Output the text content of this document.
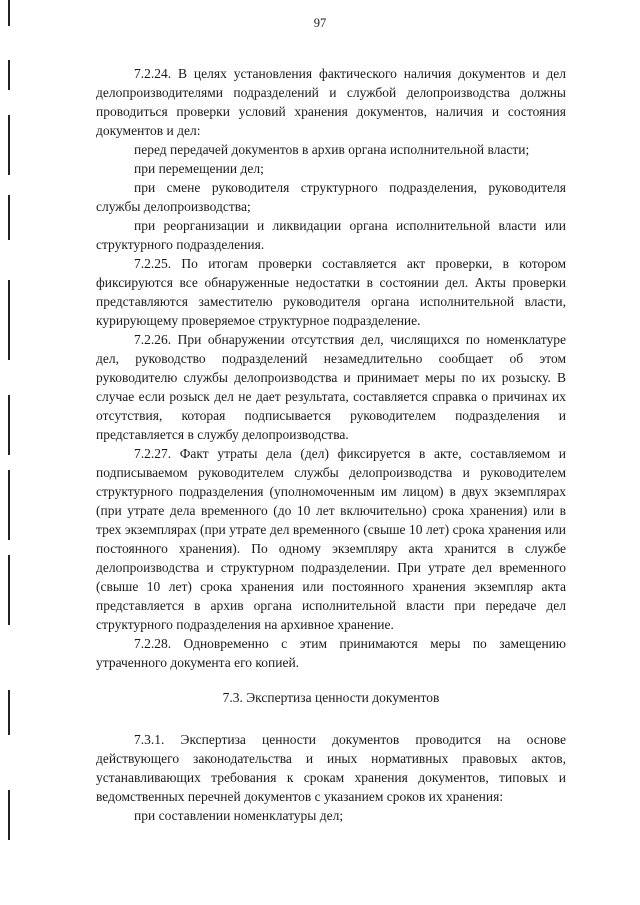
97

7.2.24. В целях установления фактического наличия документов и дел делопроизводителями подразделений и службой делопроизводства должны проводиться проверки условий хранения документов, наличия и состояния документов и дел:

перед передачей документов в архив органа исполнительной власти;

при перемещении дел;

при смене руководителя структурного подразделения, руководителя службы делопроизводства;

при реорганизации и ликвидации органа исполнительной власти или структурного подразделения.

7.2.25. По итогам проверки составляется акт проверки, в котором фиксируются все обнаруженные недостатки в состоянии дел. Акты проверки представляются заместителю руководителя органа исполнительной власти, курирующему проверяемое структурное подразделение.

7.2.26. При обнаружении отсутствия дел, числящихся по номенклатуре дел, руководство подразделений незамедлительно сообщает об этом руководителю службы делопроизводства и принимает меры по их розыску. В случае если розыск дел не дает результата, составляется справка о причинах их отсутствия, которая подписывается руководителем подразделения и представляется в службу делопроизводства.

7.2.27. Факт утраты дела (дел) фиксируется в акте, составляемом и подписываемом руководителем службы делопроизводства и руководителем структурного подразделения (уполномоченным им лицом) в двух экземплярах (при утрате дела временного (до 10 лет включительно) срока хранения) или в трех экземплярах (при утрате дел временного (свыше 10 лет) срока хранения или постоянного хранения). По одному экземпляру акта хранится в службе делопроизводства и структурном подразделении. При утрате дел временного (свыше 10 лет) срока хранения или постоянного хранения экземпляр акта представляется в архив органа исполнительной власти при передаче дел структурного подразделения на архивное хранение.

7.2.28. Одновременно с этим принимаются меры по замещению утраченного документа его копией.

7.3. Экспертиза ценности документов

7.3.1. Экспертиза ценности документов проводится на основе действующего законодательства и иных нормативных правовых актов, устанавливающих требования к срокам хранения документов, типовых и ведомственных перечней документов с указанием сроков их хранения:

при составлении номенклатуры дел;
